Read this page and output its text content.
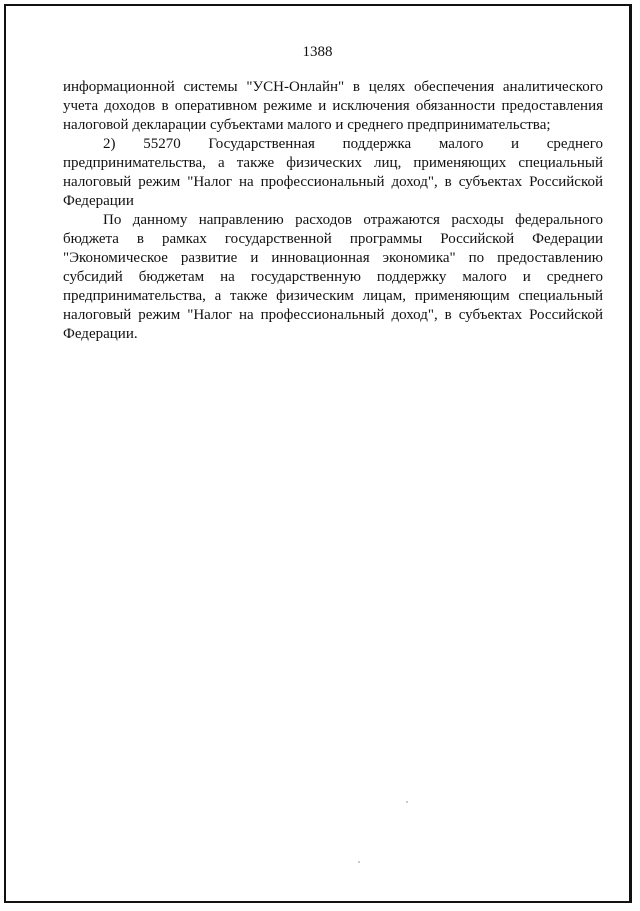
1388

информационной системы "УСН-Онлайн" в целях обеспечения аналитического учета доходов в оперативном режиме и исключения обязанности предоставления налоговой декларации субъектами малого и среднего предпринимательства;

2) 55270 Государственная поддержка малого и среднего предпринимательства, а также физических лиц, применяющих специальный налоговый режим "Налог на профессиональный доход", в субъектах Российской Федерации

По данному направлению расходов отражаются расходы федерального бюджета в рамках государственной программы Российской Федерации "Экономическое развитие и инновационная экономика" по предоставлению субсидий бюджетам на государственную поддержку малого и среднего предпринимательства, а также физическим лицам, применяющим специальный налоговый режим "Налог на профессиональный доход", в субъектах Российской Федерации.
